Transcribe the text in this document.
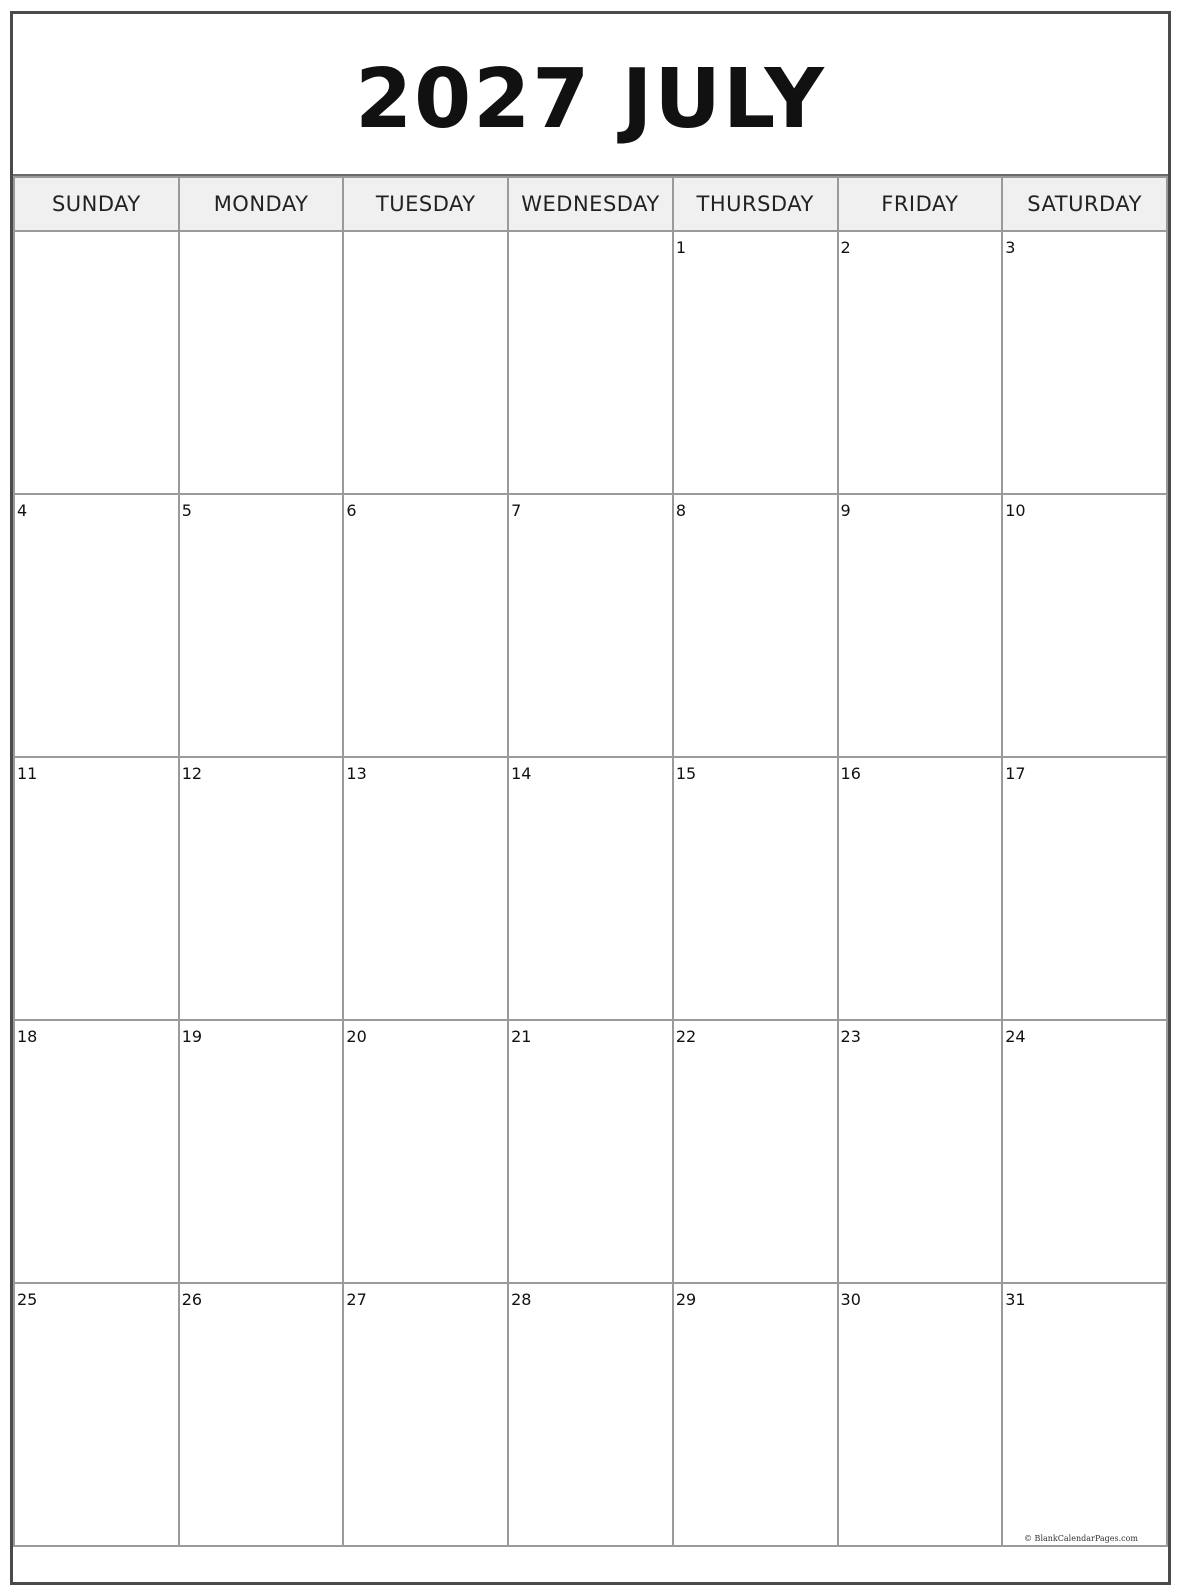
2027 JULY
SUNDAY	MONDAY	TUESDAY	WEDNESDAY	THURSDAY	FRIDAY	SATURDAY

				1	2	3

4	5	6	7	8	9	10

11	12	13	14	15	16	17

18	19	20	21	22	23	24

25	26	27	28	29	30	31
© BlankCalendarPages.com
